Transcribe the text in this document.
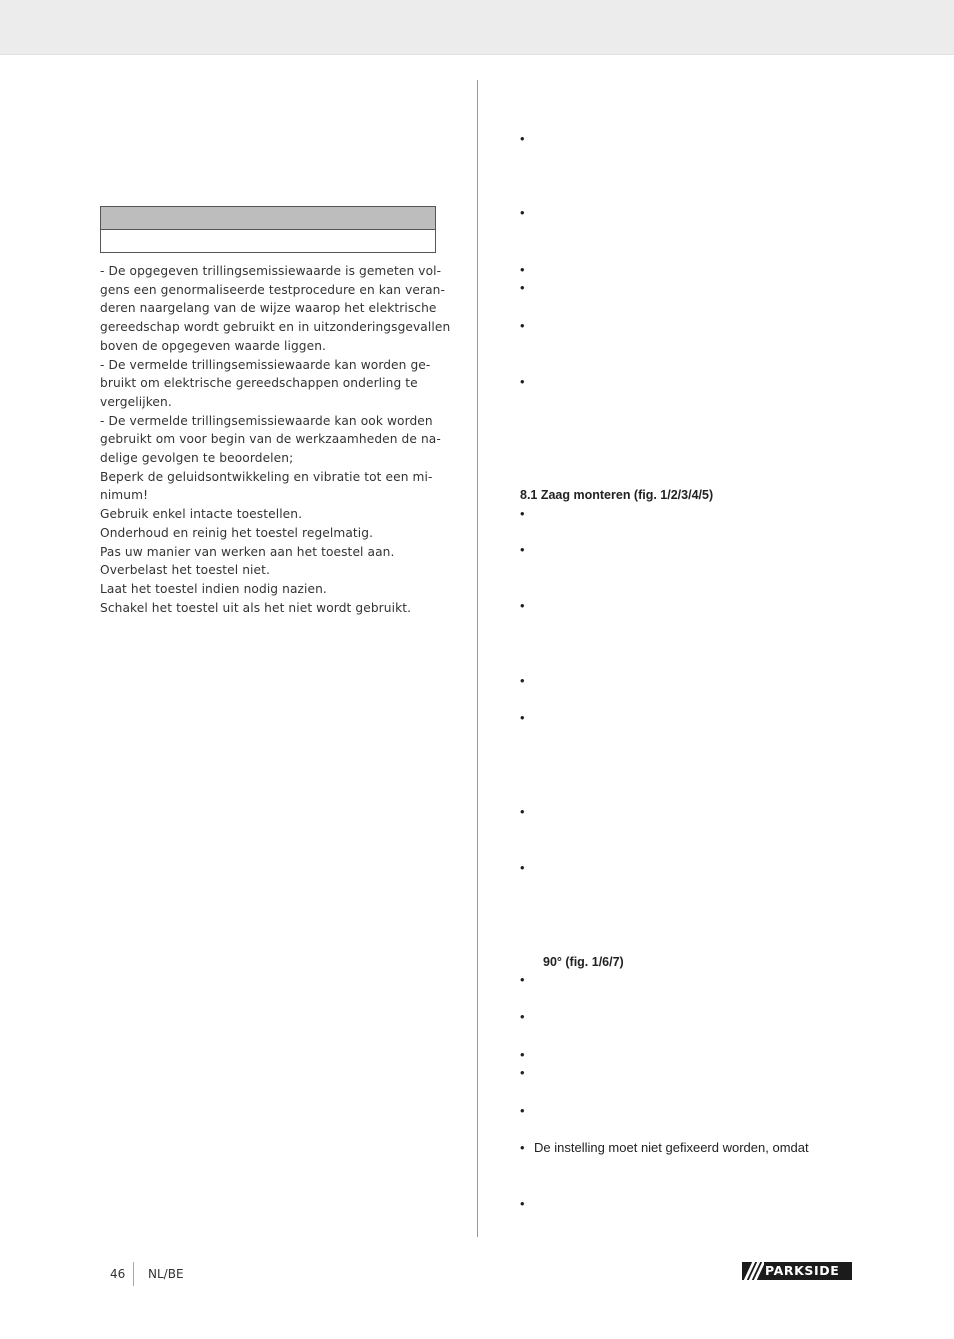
- De opgegeven trillingsemissiewaarde is gemeten vol-
gens een genormaliseerde testprocedure en kan veran-
deren naargelang van de wijze waarop het elektrische
gereedschap wordt gebruikt en in uitzonderingsgevallen
boven de opgegeven waarde liggen.
- De vermelde trillingsemissiewaarde kan worden ge-
bruikt om elektrische gereedschappen onderling te
vergelijken.
- De vermelde trillingsemissiewaarde kan ook worden
gebruikt om voor begin van de werkzaamheden de na-
delige gevolgen te beoordelen;
Beperk de geluidsontwikkeling en vibratie tot een mi-
nimum!
Gebruik enkel intacte toestellen.
Onderhoud en reinig het toestel regelmatig.
Pas uw manier van werken aan het toestel aan.
Overbelast het toestel niet.
Laat het toestel indien nodig nazien.
Schakel het toestel uit als het niet wordt gebruikt.
•
•
•
•
•
•
8.1 Zaag monteren (fig. 1/2/3/4/5)
•
•
•
•
•
•
•
90° (fig. 1/6/7)
•
•
•
•
•
• De instelling moet niet gefixeerd worden, omdat
•
46 NL/BE	PARKSIDE
